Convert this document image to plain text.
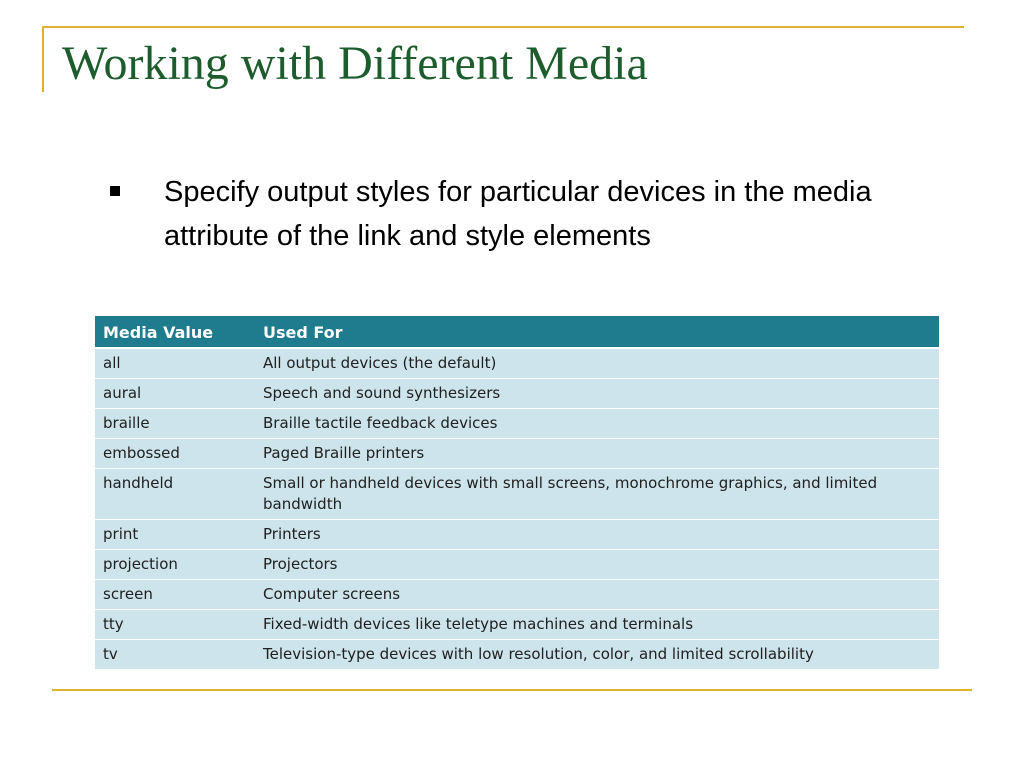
Working with Different Media
Specify output styles for particular devices in the media attribute of the link and style elements
Media Value	Used For
all	All output devices (the default)
aural	Speech and sound synthesizers
braille	Braille tactile feedback devices
embossed	Paged Braille printers
handheld	Small or handheld devices with small screens, monochrome graphics, and limited bandwidth
print	Printers
projection	Projectors
screen	Computer screens
tty	Fixed-width devices like teletype machines and terminals
tv	Television-type devices with low resolution, color, and limited scrollability
